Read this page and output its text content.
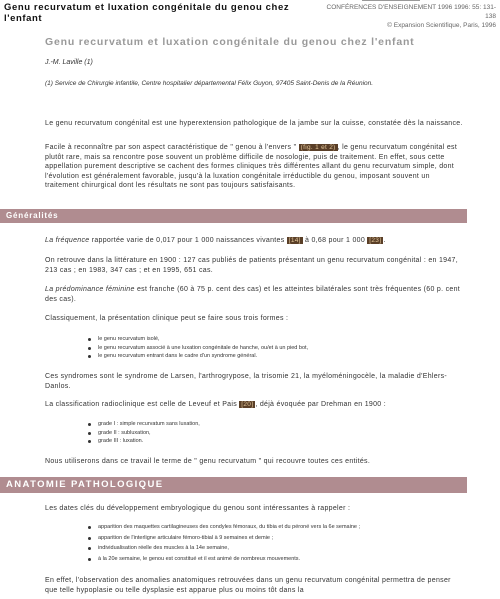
Genu recurvatum et luxation congénitale du genou chez l'enfant
CONFÉRENCES D'ENSEIGNEMENT 1996 1996: 55: 131-
138
© Expansion Scientifique, Paris, 1996
Genu recurvatum et luxation congénitale du genou chez l'enfant
J.-M. Laville (1)
(1) Service de Chirurgie infantile, Centre hospitalier départemental Félix Guyon, 97405 Saint-Denis de la Réunion.
Le genu recurvatum congénital est une hyperextension pathologique de la jambe sur la cuisse, constatée dès la naissance.
Facile à reconnaître par son aspect caractéristique de " genou à l'envers " (fig. 1 et 2) , le genu recurvatum congénital est plutôt rare, mais sa rencontre pose souvent un problème difficile de nosologie, puis de traitement. En effet, sous cette appellation purement descriptive se cachent des formes cliniques très différentes allant du genu recurvatum simple, dont l'évolution est généralement favorable, jusqu'à la luxation congénitale irréductible du genou, imposant souvent un traitement chirurgical dont les résultats ne sont pas toujours satisfaisants.
Généralités
La fréquence rapportée varie de 0,017 pour 1 000 naissances vivantes [14] à 0,68 pour 1 000 [23] .
On retrouve dans la littérature en 1900 : 127 cas publiés de patients présentant un genu recurvatum congénital : en 1947, 213 cas ; en 1983, 347 cas ; et en 1995, 651 cas.
La prédominance féminine est franche (60 à 75 p. cent des cas) et les atteintes bilatérales sont très fréquentes (60 p. cent des cas).
Classiquement, la présentation clinique peut se faire sous trois formes :
le genu recurvatum isolé,
le genu recurvatum associé à une luxation congénitale de hanche, ou/et à un pied bot,
le genu recurvatum entrant dans le cadre d'un syndrome général.
Ces syndromes sont le syndrome de Larsen, l'arthrogrypose, la trisomie 21, la myéloméningocèle, la maladie d'Ehlers-Danlos.
La classification radioclinique est celle de Leveuf et Pais [20] , déjà évoquée par Drehman en 1900 :
grade I : simple recurvatum sans luxation,
grade II : subluxation,
grade III : luxation.
Nous utiliserons dans ce travail le terme de " genu recurvatum " qui recouvre toutes ces entités.
ANATOMIE PATHOLOGIQUE
Les dates clés du développement embryologique du genou sont intéressantes à rappeler :
apparition des maquettes cartilagineuses des condyles fémoraux, du tibia et du péroné vers la 6e semaine ;
apparition de l'interligne articulaire fémoro-tibial à 9 semaines et demie ;
individualisation réelle des muscles à la 14e semaine,
à la 20e semaine, le genou est constitué et il est animé de nombreux mouvements.
En effet, l'observation des anomalies anatomiques retrouvées dans un genu recurvatum congénital permettra de penser que telle hypoplasie ou telle dysplasie est apparue plus ou moins tôt dans la
